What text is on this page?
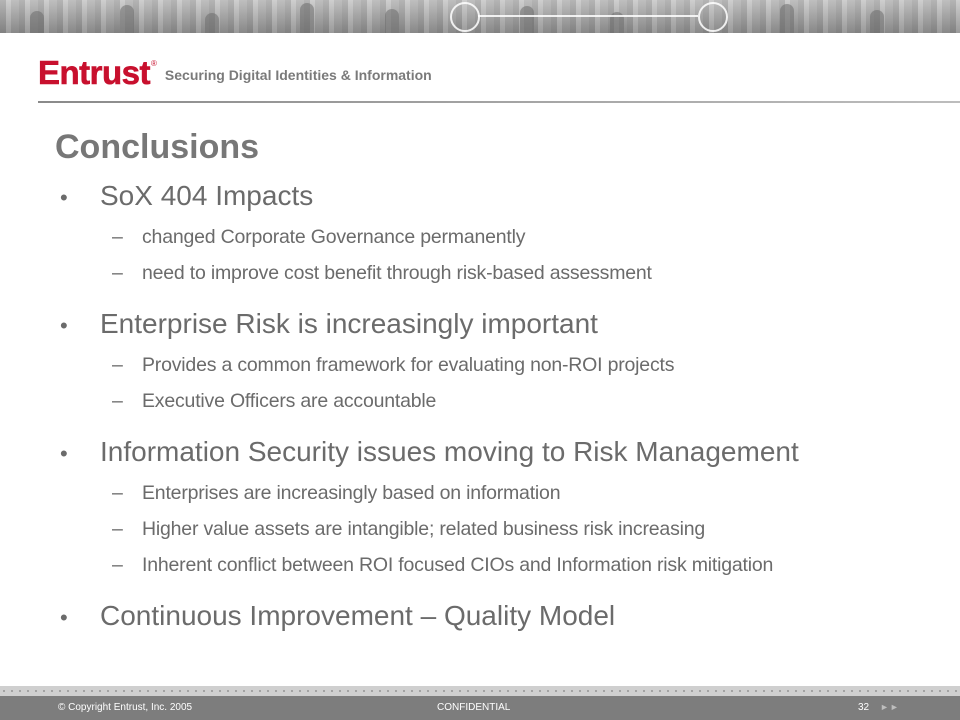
Entrust ®
Securing Digital Identities & Information
Conclusions
•	SoX 404 Impacts
– changed Corporate Governance permanently
– need to improve cost benefit through risk-based assessment
•	Enterprise Risk is increasingly important
– Provides a common framework for evaluating non-ROI projects
– Executive Officers are accountable
•	Information Security issues moving to Risk Management
– Enterprises are increasingly based on information
– Higher value assets are intangible; related business risk increasing
– Inherent conflict between ROI focused CIOs and Information risk mitigation
•	Continuous Improvement – Quality Model
© Copyright Entrust, Inc. 2005	CONFIDENTIAL	32 ►►
